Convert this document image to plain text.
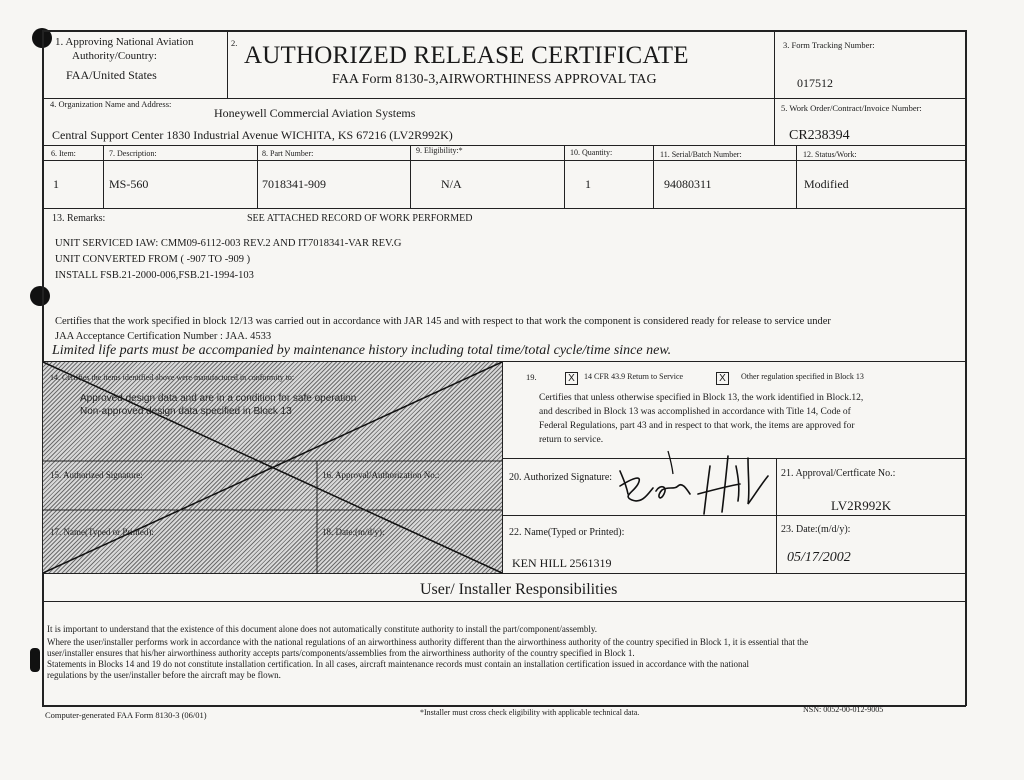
1. Approving National Aviation
Authority/Country:
FAA/United States
2. AUTHORIZED RELEASE CERTIFICATE
FAA Form 8130-3,AIRWORTHINESS APPROVAL TAG
3. Form Tracking Number:
017512
4. Organization Name and Address:
Honeywell Commercial Aviation Systems
Central Support Center 1830 Industrial Avenue WICHITA, KS 67216 (LV2R992K)
5. Work Order/Contract/Invoice Number:
CR238394
6. Item:	7. Description:	8. Part Number:	9. Eligibility:*	10. Quantity:	11. Serial/Batch Number:	12. Status/Work:
1	MS-560	7018341-909	N/A	1	94080311	Modified
13. Remarks:	SEE ATTACHED RECORD OF WORK PERFORMED
UNIT SERVICED IAW: CMM09-6112-003 REV.2 AND IT7018341-VAR REV.G
UNIT CONVERTED FROM ( -907 TO -909 )
INSTALL FSB.21-2000-006,FSB.21-1994-103
Certifies that the work specified in block 12/13 was carried out in accordance with JAR 145 and with respect to that work the component is considered ready for release to service under
JAA Acceptance Certification Number : JAA. 4533
Limited life parts must be accompanied by maintenance history including total time/total cycle/time since new.
14. Certifies the items identified above were manufactured in conformity to:
Approved design data and are in a condition for safe operation
Non-approved design data specified in Block 13
15. Authorized Signature:	16. Approval/Authorization No.:
17. Name(Typed or Printed):	18. Date:(m/d/y):
19.	X	14 CFR 43.9 Return to Service	X	Other regulation specified in Block 13
Certifies that unless otherwise specified in Block 13, the work identified in Block.12,
and described in Block 13 was accomplished in accordance with Title 14, Code of
Federal Regulations, part 43 and in respect to that work, the items are approved for
return to service.
20. Authorized Signature:	21. Approval/Certficate No.:
LV2R992K
22. Name(Typed or Printed):
KEN HILL 2561319
23. Date:(m/d/y):
05/17/2002
User/ Installer Responsibilities
It is important to understand that the existence of this document alone does not automatically constitute authority to install the part/component/assembly.
Where the user/installer performs work in accordance with the national regulations of an airworthiness authority different than the airworthiness authority of the country specified in Block 1, it is essential that the
user/installer ensures that his/her airworthiness authority accepts parts/components/assemblies from the airworthiness authority of the country specified in Block 1.
Statements in Blocks 14 and 19 do not constitute installation certification. In all cases, aircraft maintenance records must contain an installation certification issued in accordance with the national
regulations by the user/installer before the aircraft may be flown.
Computer-generated FAA Form 8130-3 (06/01)	*Installer must cross check eligibility with applicable technical data.	NSN: 0052-00-012-9005
